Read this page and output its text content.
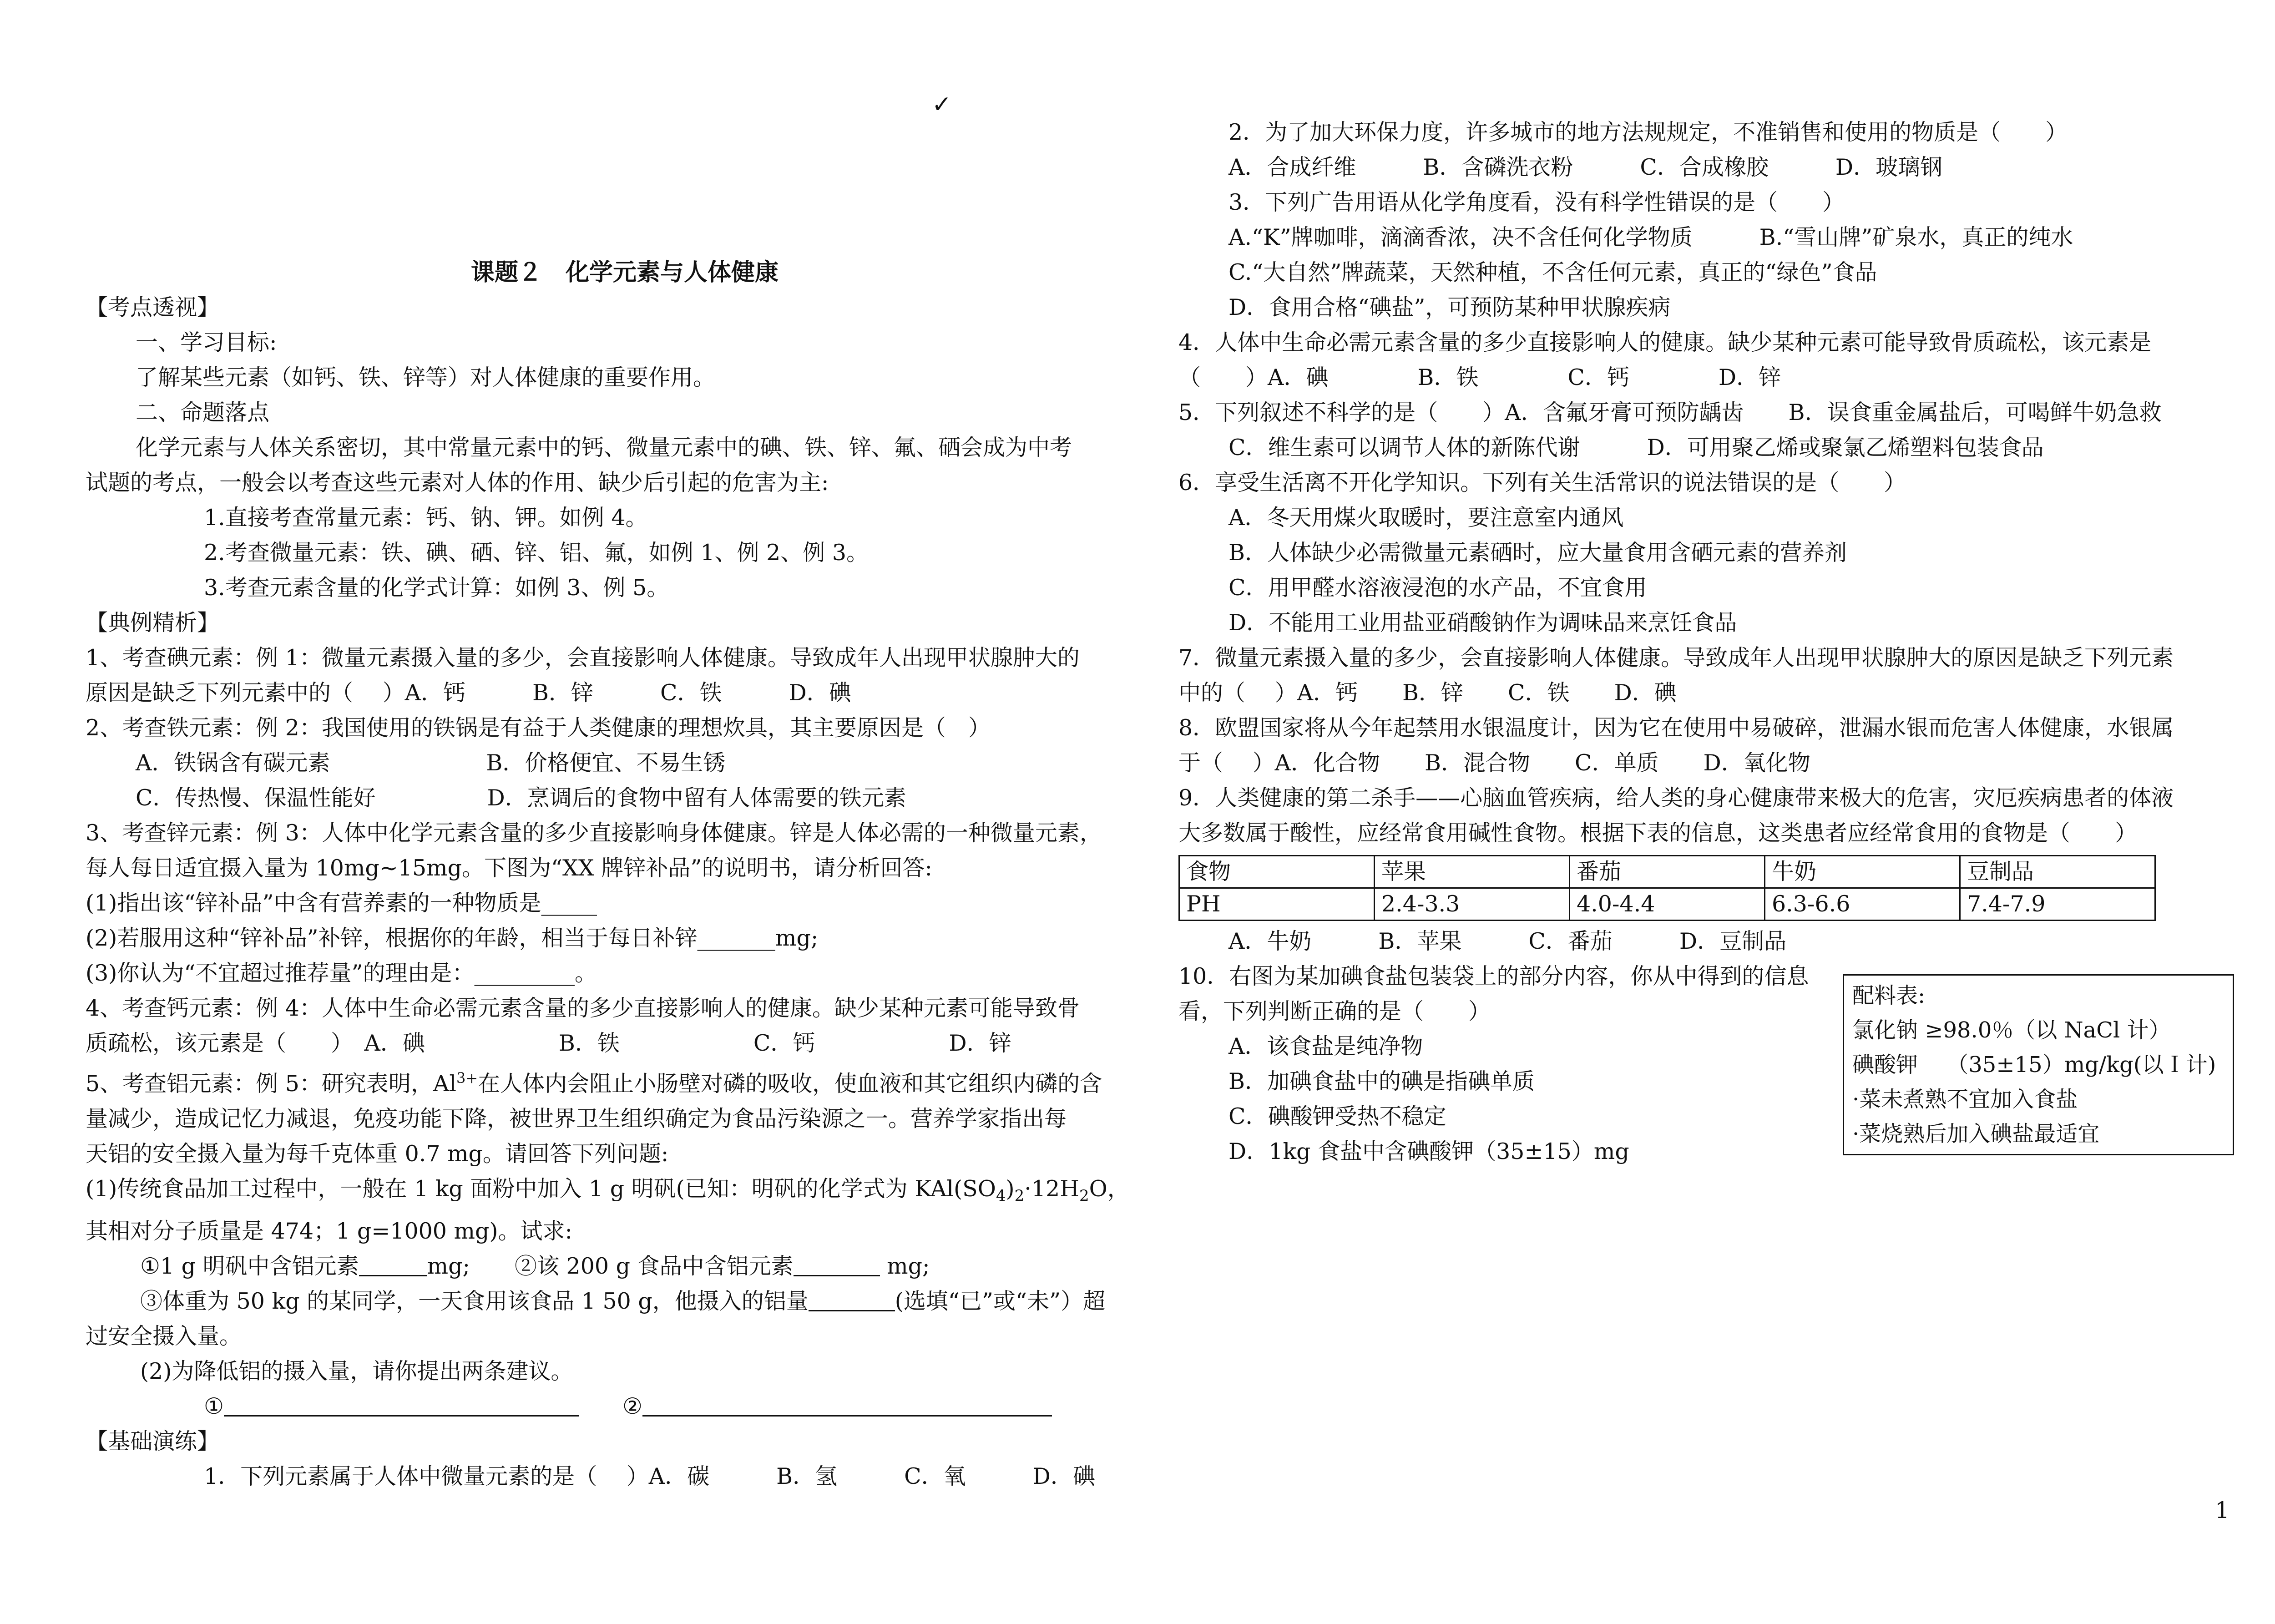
✓
课题２　化学元素与人体健康
【考点透视】
一、学习目标:
了解某些元素（如钙、铁、锌等）对人体健康的重要作用。
二、命题落点
化学元素与人体关系密切，其中常量元素中的钙、微量元素中的碘、铁、锌、氟、硒会成为中考
试题的考点，一般会以考查这些元素对人体的作用、缺少后引起的危害为主:
1.直接考查常量元素：钙、钠、钾。如例 4。
2.考查微量元素：铁、碘、硒、锌、铝、氟，如例 1、例 2、例 3。
3.考查元素含量的化学式计算：如例 3、例 5。
【典例精析】
1、考查碘元素：例 1：微量元素摄入量的多少，会直接影响人体健康。导致成年人出现甲状腺肿大的
原因是缺乏下列元素中的（　 ）A．钙　　　B．锌　　　C．铁　　　D．碘
2、考查铁元素：例 2：我国使用的铁锅是有益于人类健康的理想炊具，其主要原因是（　）
A．铁锅含有碳元素　　　　　　　B．价格便宜、不易生锈
C．传热慢、保温性能好　　　　　D．烹调后的食物中留有人体需要的铁元素
3、考查锌元素：例 3：人体中化学元素含量的多少直接影响身体健康。锌是人体必需的一种微量元素，
每人每日适宜摄入量为 10mg~15mg。下图为“XX 牌锌补品”的说明书，请分析回答:
(1)指出该“锌补品”中含有营养素的一种物质是_____
(2)若服用这种“锌补品”补锌，根据你的年龄，相当于每日补锌_______mg;
(3)你认为“不宜超过推荐量”的理由是：_________。
4、考查钙元素：例 4：人体中生命必需元素含量的多少直接影响人的健康。缺少某种元素可能导致骨
质疏松，该元素是（　　）　A．碘　　　　　　B．铁　　　　　　C．钙　　　　　　D．锌
5、考查铝元素：例 5：研究表明，$Al^{3+}$在人体内会阻止小肠壁对磷的吸收，使血液和其它组织内磷的含
量减少，造成记忆力减退，免疫功能下降，被世界卫生组织确定为食品污染源之一。营养学家指出每
天铝的安全摄入量为每千克体重 0.7 mg。请回答下列问题:
(1)传统食品加工过程中，一般在 1 kg 面粉中加入 1 g 明矾(已知：明矾的化学式为 $KAl(SO_4)_2\cdot 12H_2O$，
其相对分子质量是 474；1 g=1000 mg)。试求:
①1 g 明矾中含铝元素	mg;　　②该 200 g 食品中含铝元素	mg;
③体重为 50 kg 的某同学，一天食用该食品 1 50 g，他摄入的铝量	(选填“已”或“未”）超
过安全摄入量。
(2)为降低铝的摄入量，请你提出两条建议。
①	②
【基础演练】
1．下列元素属于人体中微量元素的是（　 ）A．碳　　　B．氢　　　C．氧　　　D．碘
2．为了加大环保力度，许多城市的地方法规规定，不准销售和使用的物质是（　　）
A．合成纤维　　　B．含磷洗衣粉　　　C．合成橡胶　　　D．玻璃钢
3．下列广告用语从化学角度看，没有科学性错误的是（　　）
A.“K”牌咖啡，滴滴香浓，决不含任何化学物质　　　B.“雪山牌”矿泉水，真正的纯水
C.“大自然”牌蔬菜，天然种植，不含任何元素，真正的“绿色”食品
D．食用合格“碘盐”，可预防某种甲状腺疾病
4．人体中生命必需元素含量的多少直接影响人的健康。缺少某种元素可能导致骨质疏松，该元素是
（　　）A．碘　　　　B．铁　　　　C．钙　　　　D．锌
5．下列叙述不科学的是（　　）A．含氟牙膏可预防龋齿　　B．误食重金属盐后，可喝鲜牛奶急救
C．维生素可以调节人体的新陈代谢　　　D．可用聚乙烯或聚氯乙烯塑料包装食品
6．享受生活离不开化学知识。下列有关生活常识的说法错误的是（　　）
A．冬天用煤火取暖时，要注意室内通风
B．人体缺少必需微量元素硒时，应大量食用含硒元素的营养剂
C．用甲醛水溶液浸泡的水产品，不宜食用
D．不能用工业用盐亚硝酸钠作为调味品来烹饪食品
7．微量元素摄入量的多少，会直接影响人体健康。导致成年人出现甲状腺肿大的原因是缺乏下列元素
中的（　 ）A．钙　　B．锌　　C．铁　　D．碘
8．欧盟国家将从今年起禁用水银温度计，因为它在使用中易破碎，泄漏水银而危害人体健康，水银属
于（　 ）A．化合物　　B．混合物　　C．单质　　D．氧化物
9．人类健康的第二杀手——心脑血管疾病，给人类的身心健康带来极大的危害，灾厄疾病患者的体液
大多数属于酸性，应经常食用碱性食物。根据下表的信息，这类患者应经常食用的食物是（　　）
食物	苹果	番茄	牛奶	豆制品
PH	2.4-3.3	4.0-4.4	6.3-6.6	7.4-7.9
A．牛奶　　　B．苹果　　　C．番茄　　　D．豆制品
10．右图为某加碘食盐包装袋上的部分内容，你从中得到的信息
看，下列判断正确的是（　　）
A．该食盐是纯净物
B．加碘食盐中的碘是指碘单质
C．碘酸钾受热不稳定
D．1kg 食盐中含碘酸钾（35±15）mg
配料表:
氯化钠 ≥98.0％（以 NaCl 计）
碘酸钾　 （35±15）mg/kg(以Ｉ计)
·菜未煮熟不宜加入食盐
·菜烧熟后加入碘盐最适宜
1
